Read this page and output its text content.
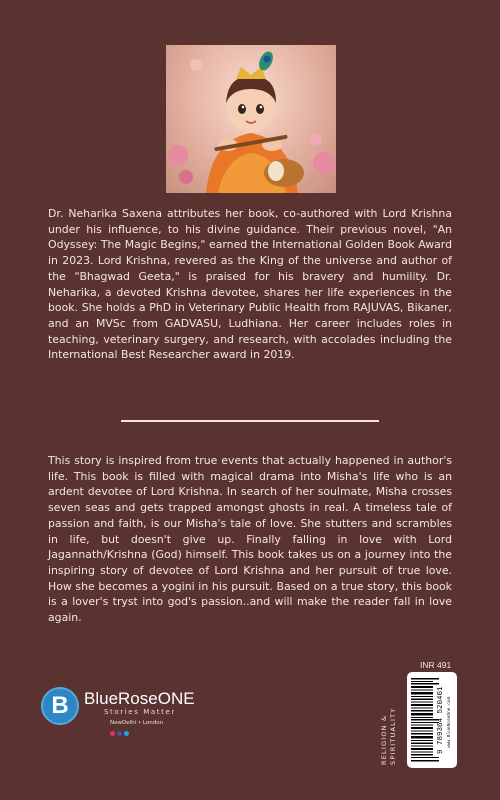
Dr. Neharika Saxena attributes her book, co-authored with Lord Krishna under his influence, to his divine guidance. Their previous novel, "An Odyssey: The Magic Begins," earned the International Golden Book Award in 2023. Lord Krishna, revered as the King of the universe and author of the "Bhagwad Geeta," is praised for his bravery and humility. Dr. Neharika, a devoted Krishna devotee, shares her life experiences in the book. She holds a PhD in Veterinary Public Health from RAJUVAS, Bikaner, and an MVSc from GADVASU, Ludhiana. Her career includes roles in teaching, veterinary surgery, and research, with accolades including the International Best Researcher award in 2019.

This story is inspired from true events that actually happened in author's life. This book is filled with magical drama into Misha's life who is an ardent devotee of Lord Krishna. In search of her soulmate, Misha crosses seven seas and gets trapped amongst ghosts in real. A timeless tale of passion and faith, is our Misha's tale of love. She stutters and scrambles in life, but doesn't give up. Finally falling in love with Lord Jagannath/Krishna (God) himself. This book takes us on a journey into the inspiring story of devotee of Lord Krishna and her pursuit of true love. How she becomes a yogini in his pursuit. Based on a true story, this book is a lover's tryst into god's passion..and will make the reader fall in love again.

B BlueRoseONE
Stories Matter
NewDelhi • London	RELIGION & SPIRITUALITY
INR 491
9 789364 520461 www.BlueRoseOne.com
